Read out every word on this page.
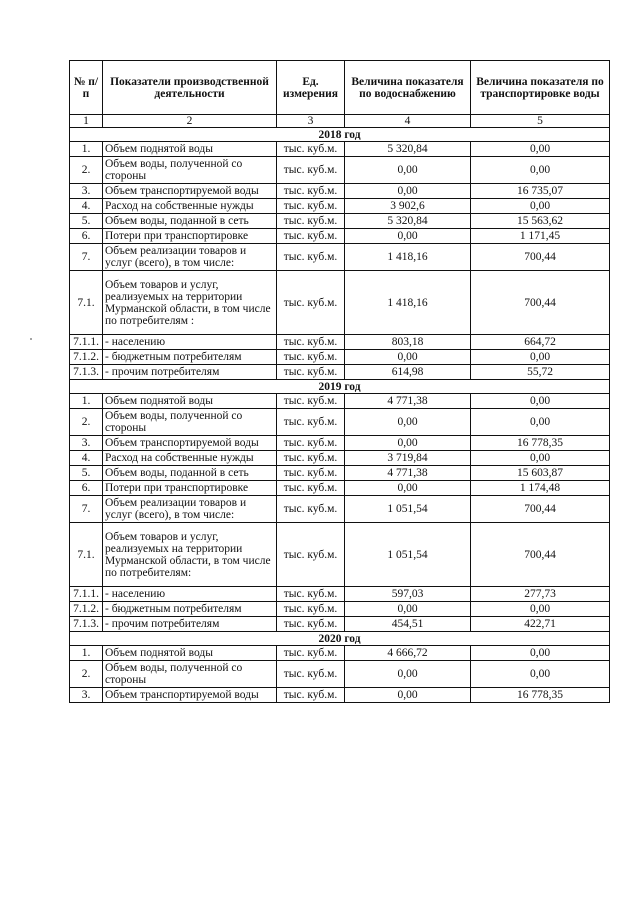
№ п/п	Показатели производственной деятельности	Ед. измерения	Величина показателя по водоснабжению	Величина показателя по транспортировке воды
1	2	3	4	5
2018 год				
1.	Объем поднятой воды	тыс. куб.м.	5 320,84	0,00
2.	Объем воды, полученной со стороны	тыс. куб.м.	0,00	0,00
3.	Объем транспортируемой воды	тыс. куб.м.	0,00	16 735,07
4.	Расход на собственные нужды	тыс. куб.м.	3 902,6	0,00
5.	Объем воды, поданной в сеть	тыс. куб.м.	5 320,84	15 563,62
6.	Потери при транспортировке	тыс. куб.м.	0,00	1 171,45
7.	Объем реализации товаров и услуг (всего), в том числе:	тыс. куб.м.	1 418,16	700,44
7.1.	Объем товаров и услуг, реализуемых на территории Мурманской области, в том числе по потребителям :	тыс. куб.м.	1 418,16	700,44
7.1.1.	- населению	тыс. куб.м.	803,18	664,72
7.1.2.	- бюджетным потребителям	тыс. куб.м.	0,00	0,00
7.1.3.	- прочим потребителям	тыс. куб.м.	614,98	55,72
2019 год				
1.	Объем поднятой воды	тыс. куб.м.	4 771,38	0,00
2.	Объем воды, полученной со стороны	тыс. куб.м.	0,00	0,00
3.	Объем транспортируемой воды	тыс. куб.м.	0,00	16 778,35
4.	Расход на собственные нужды	тыс. куб.м.	3 719,84	0,00
5.	Объем воды, поданной в сеть	тыс. куб.м.	4 771,38	15 603,87
6.	Потери при транспортировке	тыс. куб.м.	0,00	1 174,48
7.	Объем реализации товаров и услуг (всего), в том числе:	тыс. куб.м.	1 051,54	700,44
7.1.	Объем товаров и услуг, реализуемых на территории Мурманской области, в том числе по потребителям:	тыс. куб.м.	1 051,54	700,44
7.1.1.	- населению	тыс. куб.м.	597,03	277,73
7.1.2.	- бюджетным потребителям	тыс. куб.м.	0,00	0,00
7.1.3.	- прочим потребителям	тыс. куб.м.	454,51	422,71
2020 год				
1.	Объем поднятой воды	тыс. куб.м.	4 666,72	0,00
2.	Объем воды, полученной со стороны	тыс. куб.м.	0,00	0,00
3.	Объем транспортируемой воды	тыс. куб.м.	0,00	16 778,35
